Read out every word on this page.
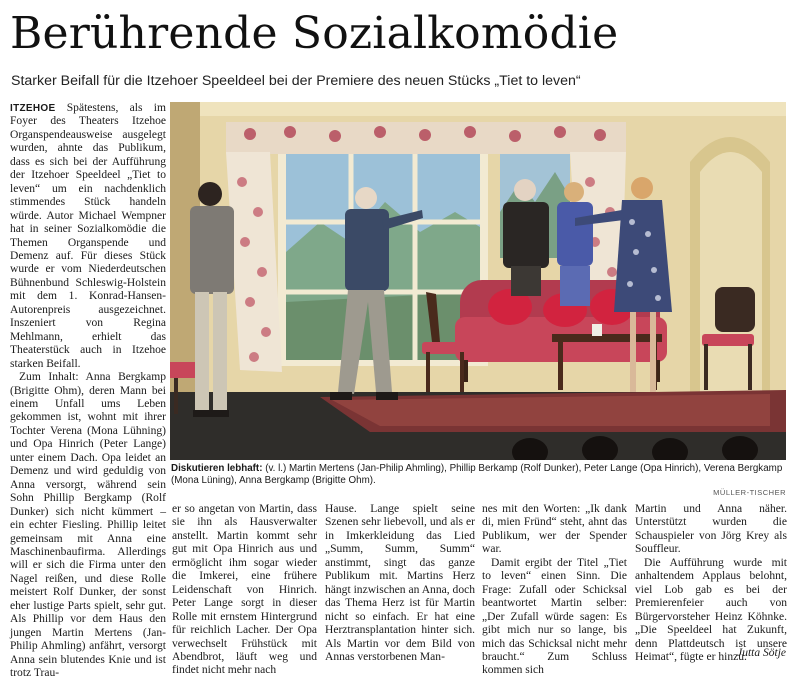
Berührende Sozialkomödie
Starker Beifall für die Itzehoer Speeldeel bei der Premiere des neuen Stücks „Tiet to leven“

ITZEHOE Spätestens, als im Foyer des Theaters Itzehoe Organspendeausweise ausgelegt wurden, ahnte das Publikum, dass es sich bei der Aufführung der Itzehoer Speeldeel „Tiet to leven“ um ein nachdenklich stimmendes Stück handeln würde. Autor Michael Wempner hat in seiner Sozialkomödie die Themen Organspende und Demenz auf. Für dieses Stück wurde er vom Niederdeutschen Bühnenbund Schleswig-Holstein mit dem 1. Konrad-Hansen-Autorenpreis ausgezeichnet. Inszeniert von Regina Mehlmann, erhielt das Theaterstück auch in Itzehoe starken Beifall.

Zum Inhalt: Anna Bergkamp (Brigitte Ohm), deren Mann bei einem Unfall ums Leben gekommen ist, wohnt mit ihrer Tochter Verena (Mona Lühning) und Opa Hinrich (Peter Lange) unter einem Dach. Opa leidet an Demenz und wird geduldig von Anna versorgt, während sein Sohn Phillip Bergkamp (Rolf Dunker) sich nicht kümmert – ein echter Fiesling. Phillip leitet gemeinsam mit Anna eine Maschinenbaufirma. Allerdings will er sich die Firma unter den Nagel reißen, und diese Rolle meistert Rolf Dunker, der sonst eher lustige Parts spielt, sehr gut. Als Phillip vor dem Haus den jungen Martin Mertens (Jan-Philip Ahmling) anfährt, versorgt Anna sein blutendes Knie und ist trotz Trau-

Diskutieren lebhaft: (v. l.) Martin Mertens (Jan-Philip Ahmling), Phillip Berkamp (Rolf Dunker), Peter Lange (Opa Hinrich), Verena Bergkamp (Mona Lüning), Anna Bergkamp (Brigitte Ohm).
MÜLLER-TISCHER

er so angetan von Martin, dass sie ihn als Hausverwalter anstellt. Martin kommt sehr gut mit Opa Hinrich aus und ermöglicht ihm sogar wieder die Imkerei, eine frühere Leidenschaft von Hinrich. Peter Lange sorgt in dieser Rolle mit ernstem Hintergrund für reichlich Lacher. Der Opa verwechselt Frühstück mit Abendbrot, läuft weg und findet nicht mehr nach

Hause. Lange spielt seine Szenen sehr liebevoll, und als er in Imkerkleidung das Lied „Summ, Summ, Summ“ anstimmt, singt das ganze Publikum mit. Martins Herz hängt inzwischen an Anna, doch das Thema Herz ist für Martin nicht so einfach. Er hat eine Herztransplantation hinter sich. Als Martin vor dem Bild von Annas verstorbenen Man-

nes mit den Worten: „Ik dank di, mien Fründ“ steht, ahnt das Publikum, wer der Spender war.

Damit ergibt der Titel „Tiet to leven“ einen Sinn. Die Frage: Zufall oder Schicksal beantwortet Martin selber: „Der Zufall würde sagen: Es gibt mich nur so lange, bis mich das Schicksal nicht mehr braucht.“ Zum Schluss kommen sich

Martin und Anna näher. Unterstützt wurden die Schauspieler von Jörg Krey als Souffleur.

Die Aufführung wurde mit anhaltendem Applaus belohnt, viel Lob gab es bei der Premierenfeier auch von Bürgervorsteher Heinz Köhnke. „Die Speeldeel hat Zukunft, denn Plattdeutsch ist unsere Heimat“, fügte er hinzu.

Jutta Sötje
